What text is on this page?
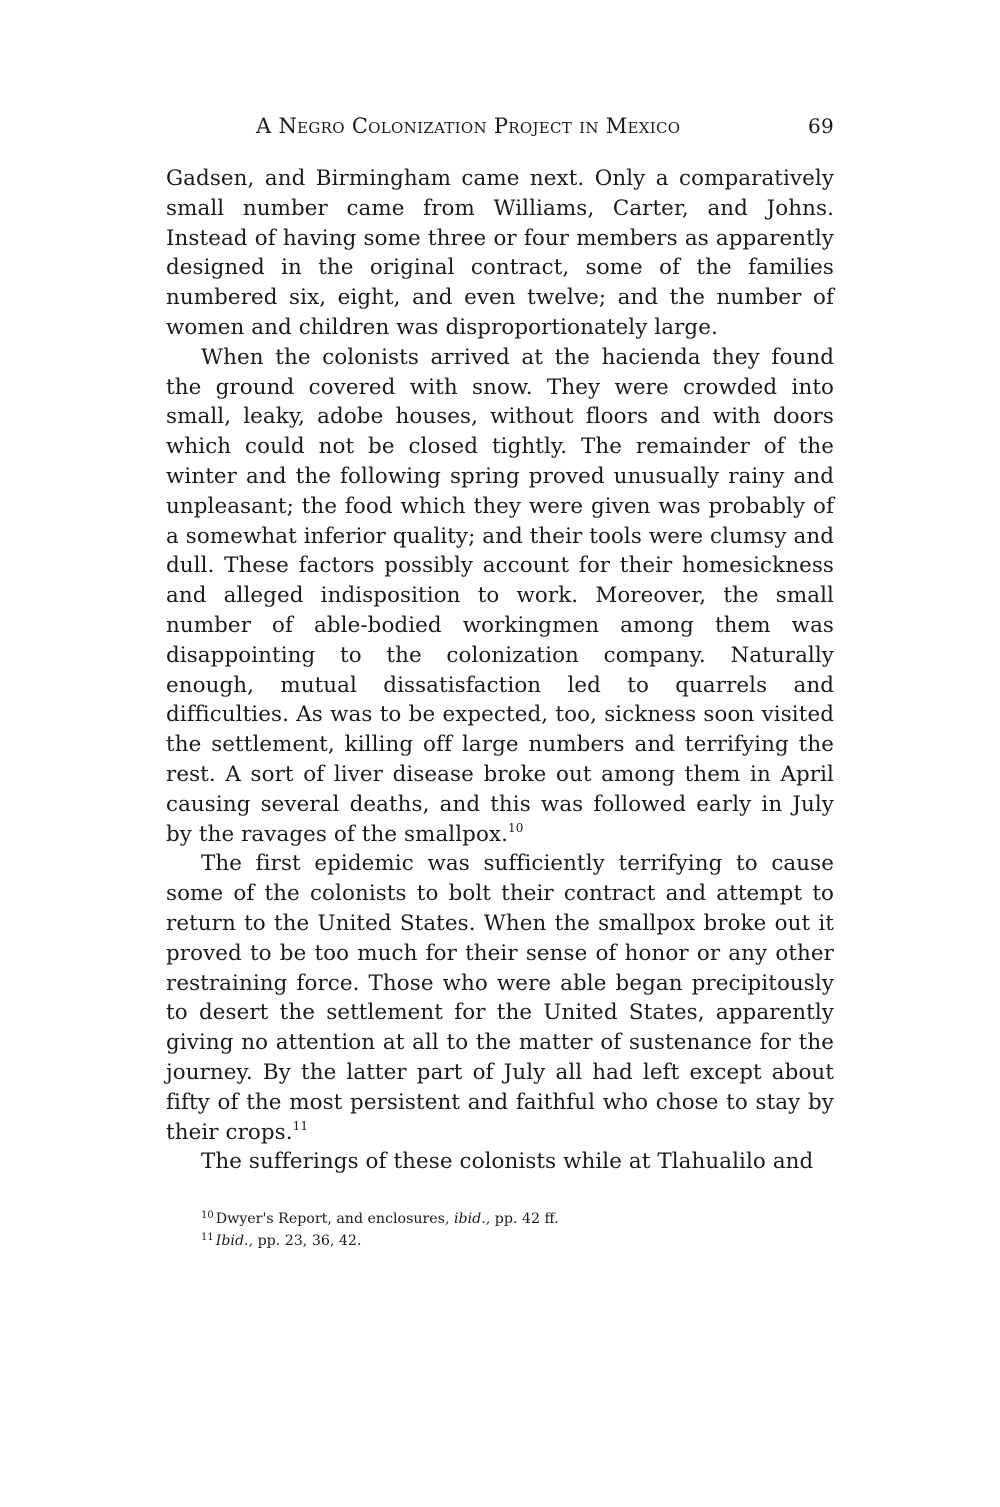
A Negro Colonization Project in Mexico	69

Gadsen, and Birmingham came next. Only a comparatively small number came from Williams, Carter, and Johns. Instead of having some three or four members as apparently designed in the original contract, some of the families numbered six, eight, and even twelve; and the number of women and children was disproportionately large.

When the colonists arrived at the hacienda they found the ground covered with snow. They were crowded into small, leaky, adobe houses, without floors and with doors which could not be closed tightly. The remainder of the winter and the following spring proved unusually rainy and unpleasant; the food which they were given was probably of a somewhat inferior quality; and their tools were clumsy and dull. These factors possibly account for their homesickness and alleged indisposition to work. Moreover, the small number of able-bodied workingmen among them was disappointing to the colonization company. Naturally enough, mutual dissatisfaction led to quarrels and difficulties. As was to be expected, too, sickness soon visited the settlement, killing off large numbers and terrifying the rest. A sort of liver disease broke out among them in April causing several deaths, and this was followed early in July by the ravages of the smallpox.$^{10}$

The first epidemic was sufficiently terrifying to cause some of the colonists to bolt their contract and attempt to return to the United States. When the smallpox broke out it proved to be too much for their sense of honor or any other restraining force. Those who were able began precipitously to desert the settlement for the United States, apparently giving no attention at all to the matter of sustenance for the journey. By the latter part of July all had left except about fifty of the most persistent and faithful who chose to stay by their crops.$^{11}$

The sufferings of these colonists while at Tlahualilo and

$^{10}$ Dwyer's Report, and enclosures, ibid., pp. 42 ff.
$^{11}$ Ibid., pp. 23, 36, 42.
